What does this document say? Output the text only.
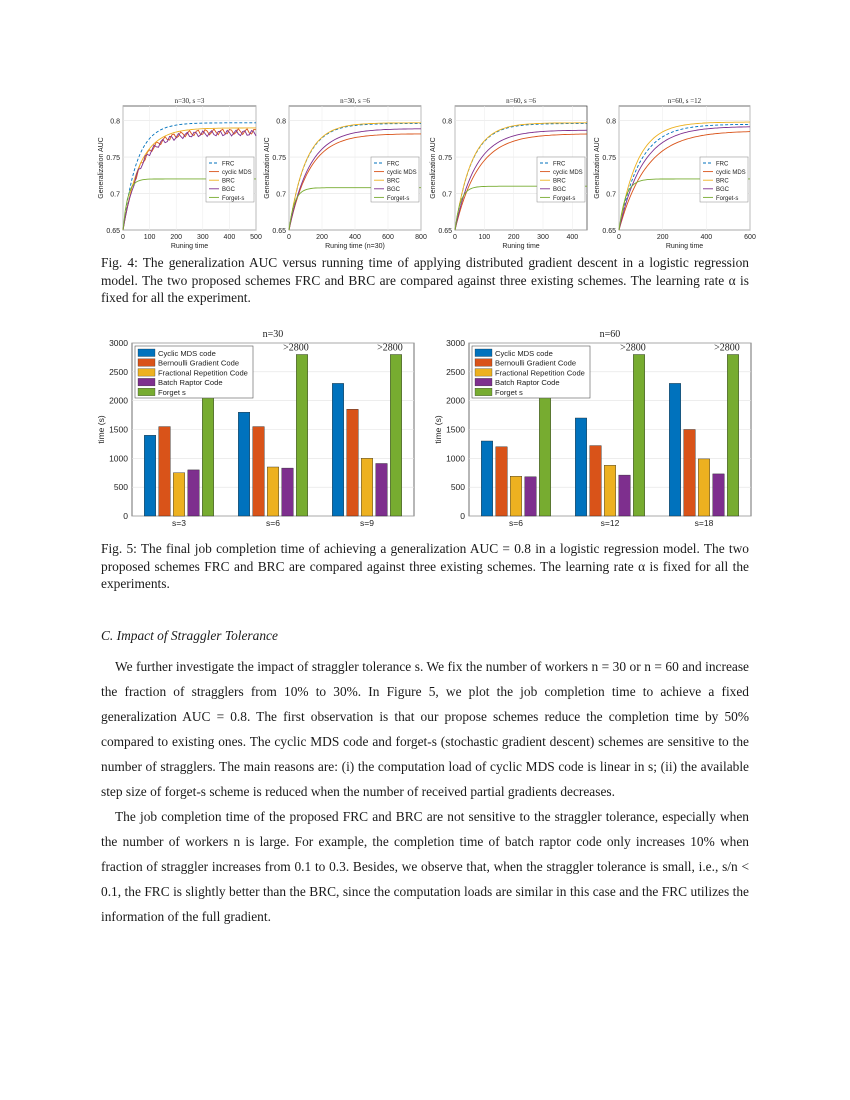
0.8
0.75
0.7
0.65
0	100 200 300 400 500
n=30, s =3
Runing time
Generalization AUC	FRC
cyclic MDS
BRC
BGC
Forget-s
0.8
0.75
0.7
0.65
0	200	400	600	800
n=30, s =6
Runing time (n=30)
Generalization AUC	FRC
cyclic MDS
BRC
BGC
Forget-s
0.8
0.75
0.7
0.65
0	100	200	300	400
n=60, s =6
Runing time
Generalization AUC	FRC
cyclic MDS
BRC
BGC
Forget-s
0.8
0.75
0.7
0.65
0	200	400	600
n=60, s =12
Runing time
Generalization AUC	FRC
cyclic MDS
BRC
BGC
Forget-s
Fig. 4: The generalization AUC versus running time of applying distributed gradient descent in a logistic regression model. The two proposed schemes FRC and BRC are compared against three existing schemes. The learning rate α is fixed for all the experiment.
0
500
1000
1500
2000
2500
3000
n=30
time (s)
s=3	s=6	s=9
>2800	>2800
Cyclic MDS code
Bernoulli Gradient Code
Fractional Repetition Code
Batch Raptor Code
Forget s
0
500
1000
1500
2000
2500
3000
n=60
time (s)
s=6	s=12	s=18
>2800	>2800
Cyclic MDS code
Bernoulli Gradient Code
Fractional Repetition Code
Batch Raptor Code
Forget s
Fig. 5: The final job completion time of achieving a generalization AUC = 0.8 in a logistic regression model. The two proposed schemes FRC and BRC are compared against three existing schemes. The learning rate α is fixed for all the experiments.
C. Impact of Straggler Tolerance

We further investigate the impact of straggler tolerance s. We fix the number of workers n = 30 or n = 60 and increase the fraction of stragglers from 10% to 30%. In Figure 5, we plot the job completion time to achieve a fixed generalization AUC = 0.8. The first observation is that our propose schemes reduce the completion time by 50% compared to existing ones. The cyclic MDS code and forget-s (stochastic gradient descent) schemes are sensitive to the number of stragglers. The main reasons are: (i) the computation load of cyclic MDS code is linear in s; (ii) the available step size of forget-s scheme is reduced when the number of received partial gradients decreases.

The job completion time of the proposed FRC and BRC are not sensitive to the straggler tolerance, especially when the number of workers n is large. For example, the completion time of batch raptor code only increases 10% when fraction of straggler increases from 0.1 to 0.3. Besides, we observe that, when the straggler tolerance is small, i.e., s/n < 0.1, the FRC is slightly better than the BRC, since the computation loads are similar in this case and the FRC utilizes the information of the full gradient.
